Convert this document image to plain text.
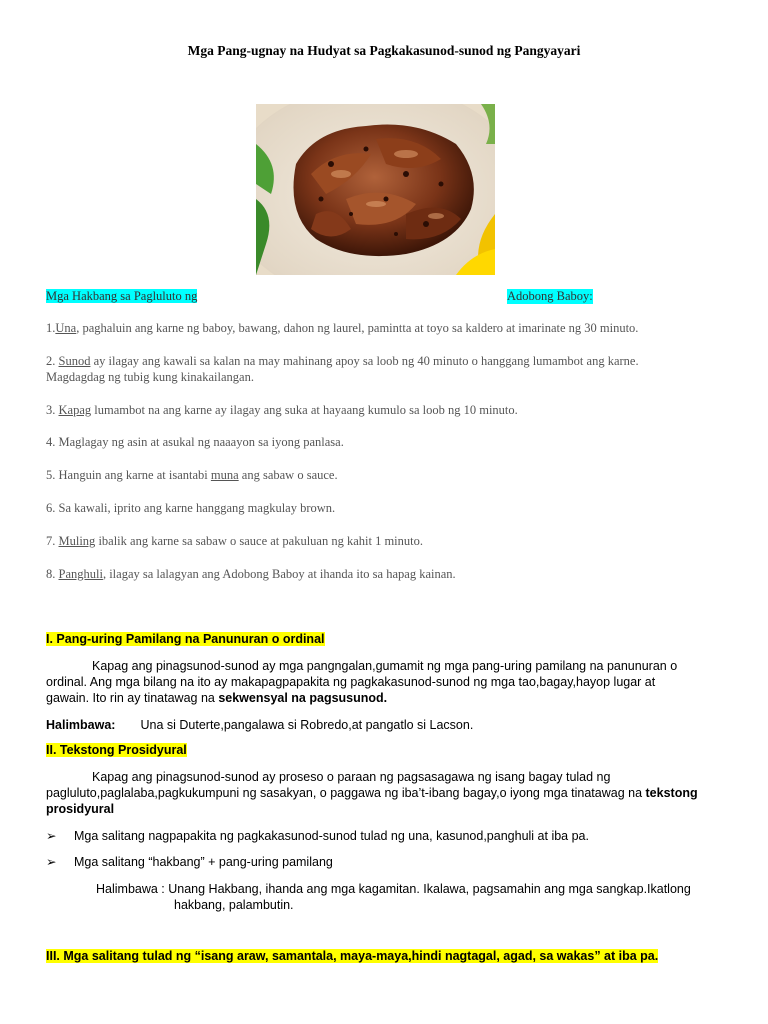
Mga Pang-ugnay na Hudyat sa Pagkakasunod-sunod ng Pangyayari
Mga Hakbang sa Pagluluto ng	Adobong Baboy:
1.Una, paghaluin ang karne ng baboy, bawang, dahon ng laurel, pamintta at toyo sa kaldero at imarinate ng 30 minuto.
2. Sunod ay ilagay ang kawali sa kalan na may mahinang apoy sa loob ng 40 minuto o hanggang lumambot ang karne.
Magdagdag ng tubig kung kinakailangan.
3. Kapag lumambot na ang karne ay ilagay ang suka at hayaang kumulo sa loob ng 10 minuto.
4. Maglagay ng asin at asukal ng naaayon sa iyong panlasa.
5. Hanguin ang karne at isantabi muna ang sabaw o sauce.
6. Sa kawali, iprito ang karne hanggang magkulay brown.
7. Muling ibalik ang karne sa sabaw o sauce at pakuluan ng kahit 1 minuto.
8. Panghuli, ilagay sa lalagyan ang Adobong Baboy at ihanda ito sa hapag kainan.
I. Pang-uring Pamilang na Panunuran o ordinal
Kapag ang pinagsunod-sunod ay mga pangngalan,gumamit ng mga pang-uring pamilang na panunuran o
ordinal. Ang mga bilang na ito ay makapagpapakita ng pagkakasunod-sunod ng mga tao,bagay,hayop lugar at
gawain. Ito rin ay tinatawag na sekwensyal na pagsusunod.
Halimbawa: Una si Duterte,pangalawa si Robredo,at pangatlo si Lacson.
II. Tekstong Prosidyural
Kapag ang pinagsunod-sunod ay proseso o paraan ng pagsasagawa ng isang bagay tulad ng
pagluluto,paglalaba,pagkukumpuni ng sasakyan, o paggawa ng iba’t-ibang bagay,o iyong mga tinatawag na tekstong
prosidyural
➢ Mga salitang nagpapakita ng pagkakasunod-sunod tulad ng una, kasunod,panghuli at iba pa.
➢ Mga salitang “hakbang” + pang-uring pamilang
Halimbawa : Unang Hakbang, ihanda ang mga kagamitan. Ikalawa, pagsamahin ang mga sangkap.Ikatlong
hakbang, palambutin.
III. Mga salitang tulad ng “isang araw, samantala, maya-maya,hindi nagtagal, agad, sa wakas” at iba pa.
